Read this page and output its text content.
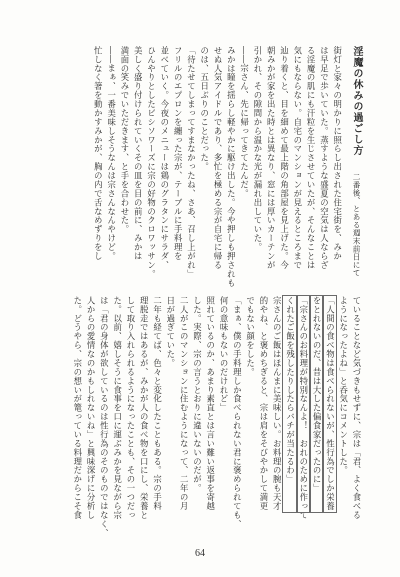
淫魔の休みの過ごし方　二番後、とある週末前日にて

街灯と家々の明かりに照らし出された住宅街を、みか

は早足で歩いていた。蒸すような盛夏の空気は人ならざ

る淫魔の肌にも汗粒を生じさせていたが、そんなことは

気にもならない。自宅のマンションが見えるところまで

辿り着くと、目を細めて最上階の角部屋を見上げた。今

朝みかが家を出た時とは異なり、窓には厚いカーテンが

引かれ、その隙間から温かな光が漏れ出していた。

――宗さん、先に帰ってきてたんだ。

みかは瞳を揺らし軽やかに駆け出した。今や押しも押されも

せぬ人気アイドルであり、多忙を極める宗が自宅に帰る

のは、五日ぶりのことだった。

「待たせてしまってすまなかったね、さあ、召し上がれ」

フリルのエプロンを纏った宗が、テーブルに手料理を

並べていく。今夜のメニューは鶏のグラタンにサラダ、

ひんやりとしたビシソワーズに宗の好物のクロワッサン。

美しく盛り付けられていくその皿を目の前に、みかは

満面の笑みでいただきます、と手を合わせた。

――まぁ、一番美味しそうなんは宗さんなんやけど。

忙しなく箸を動かすみかが、胸の内で舌なめずりをし

ていることなど気づきもせずに、宗は「君、よく食べる

ようになったよね」と呑気にコメントした。

「人間の食べ物は食べられないが、性行為でしか栄養

をとれないのだ、昔は大した偏食家だったのに」

「宗さんのお料理が特別なんよ！　おれのために作って

くれたご飯を残したりしたらバチが当たるわ」

宗さんのご飯はほんまに美味しい。お料理の腕も天才

的やね、と褒めちぎると、宗は肩をそびやかして満更

でもない顔をした。

「まぁ、僕の手料理しか食べられない君に褒められても、

何の意味もないのだけれど」

照れているのか、あまり素直とは言い難い返事を寄越

した。実際、宗の言うとおりに違いないのだが。

二人がこのマンションに住むようになって、二年の月

日が過ぎていた。

二年も経てば、色々と変化したこともある。宗の手料

理脱走ではあるが、みかが人の食べ物を口にし、栄養と

して取り入れられるようになったことも、その一つだっ

た。以前、嬉しそうに食事を口に運ぶみかを見ながら宗

は「君の身体が欲しているのは性行為のそのものではなく、

人からの愛情なのかもしれないね」と興味深げに分析し

た。どうやら、宗の想いが篭っている料理だからこそ食

64
